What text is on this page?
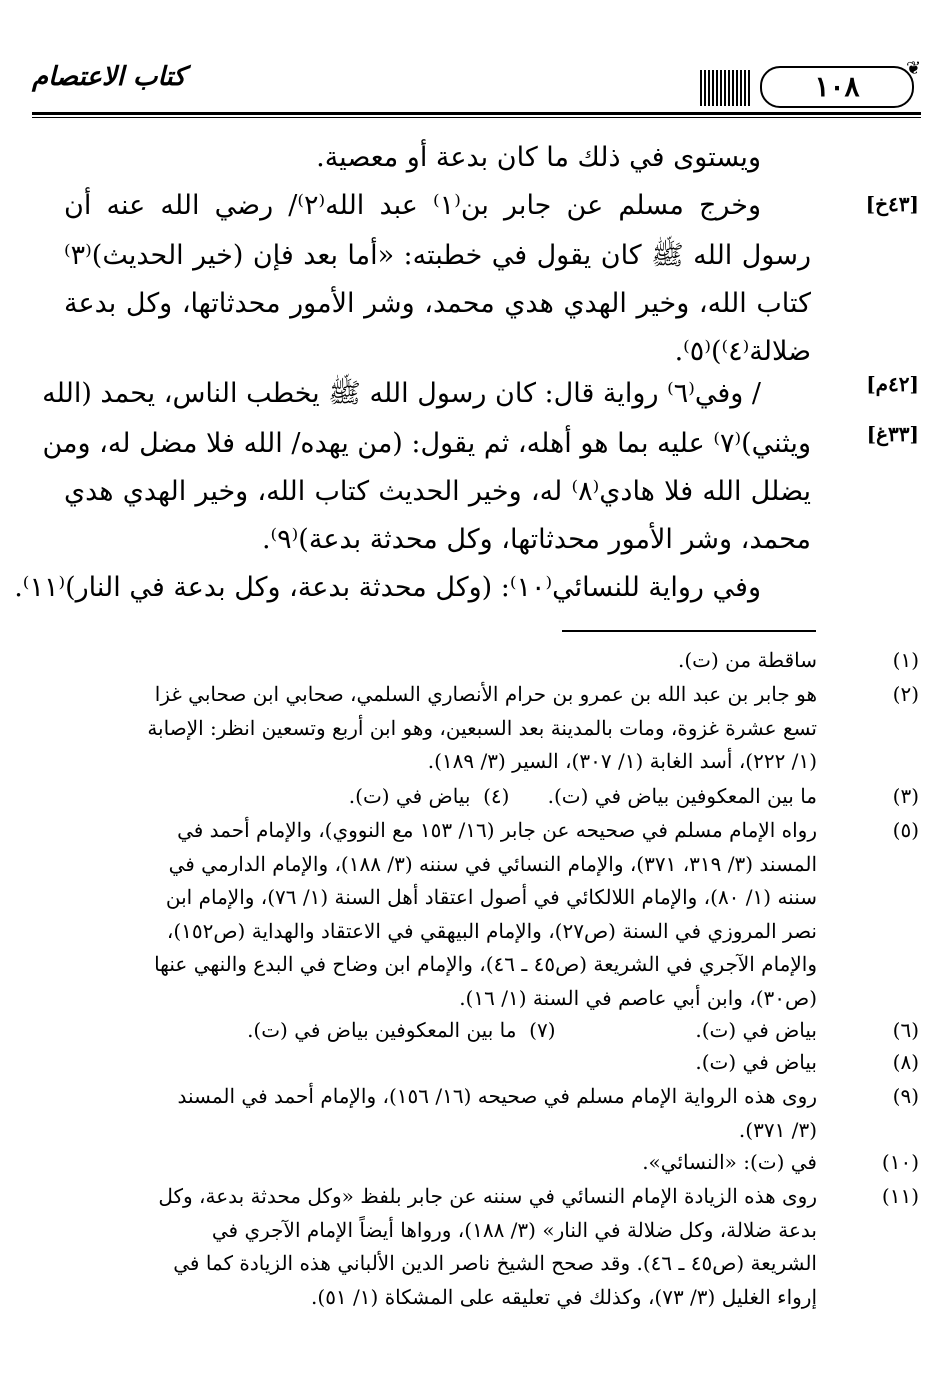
كتاب الاعتصام	١٠٨
❦
[٤٣خ]
[٤٢م]
[٣٣غ]
ويستوى في ذلك ما كان بدعة أو معصية.
وخرج مسلم عن جابر بن⁽١⁾ عبد الله⁽٢⁾/ رضي الله عنه أن
رسول الله ﷺ كان يقول في خطبته: «أما بعد فإن (خير الحديث)⁽٣⁾
كتاب الله، وخير الهدي هدي محمد، وشر الأمور محدثاتها، وكل بدعة
ضلالة⁽٤⁾)⁽٥⁾.
/ وفي⁽٦⁾ رواية قال: كان رسول الله ﷺ يخطب الناس، يحمد (الله
ويثني)⁽٧⁾ عليه بما هو أهله، ثم يقول: (من يهده/ الله فلا مضل له، ومن
يضلل الله فلا هادي⁽٨⁾ له، وخير الحديث كتاب الله، وخير الهدي هدي
محمد، وشر الأمور محدثاتها، وكل محدثة بدعة)⁽٩⁾.
وفي رواية للنسائي⁽١٠⁾: (وكل محدثة بدعة، وكل بدعة في النار)⁽١١⁾.
(١)
ساقطة من (ت).
(٢)
هو جابر بن عبد الله بن عمرو بن حرام الأنصاري السلمي، صحابي ابن صحابي غزا
تسع عشرة غزوة، ومات بالمدينة بعد السبعين، وهو ابن أربع وتسعين انظر: الإصابة
(١/ ٢٢٢)، أسد الغابة (١/ ٣٠٧)، السير (٣/ ١٨٩).
(٣)
ما بين المعكوفين بياض في (ت).      (٤)  بياض في (ت).
(٥)
رواه الإمام مسلم في صحيحه عن جابر (١٦/ ١٥٣ مع النووي)، والإمام أحمد في
المسند (٣/ ٣١٩، ٣٧١)، والإمام النسائي في سننه (٣/ ١٨٨)، والإمام الدارمي في
سننه (١/ ٨٠)، والإمام اللالكائي في أصول اعتقاد أهل السنة (١/ ٧٦)، والإمام ابن
نصر المروزي في السنة (ص٢٧)، والإمام البيهقي في الاعتقاد والهداية (ص١٥٢)،
والإمام الآجري في الشريعة (ص٤٥ ـ ٤٦)، والإمام ابن وضاح في البدع والنهي عنها
(ص٣٠)، وابن أبي عاصم في السنة (١/ ١٦).
(٦)
بياض في (ت).                      (٧)  ما بين المعكوفين بياض في (ت).
(٨)
بياض في (ت).
(٩)
روى هذه الرواية الإمام مسلم في صحيحه (١٦/ ١٥٦)، والإمام أحمد في المسند
(٣/ ٣٧١).
(١٠)
في (ت): «النسائي».
(١١)
روى هذه الزيادة الإمام النسائي في سننه عن جابر بلفظ «وكل محدثة بدعة، وكل
بدعة ضلالة، وكل ضلالة في النار» (٣/ ١٨٨)، ورواها أيضاً الإمام الآجري في
الشريعة (ص٤٥ ـ ٤٦). وقد صحح الشيخ ناصر الدين الألباني هذه الزيادة كما في
إرواء الغليل (٣/ ٧٣)، وكذلك في تعليقه على المشكاة (١/ ٥١).
